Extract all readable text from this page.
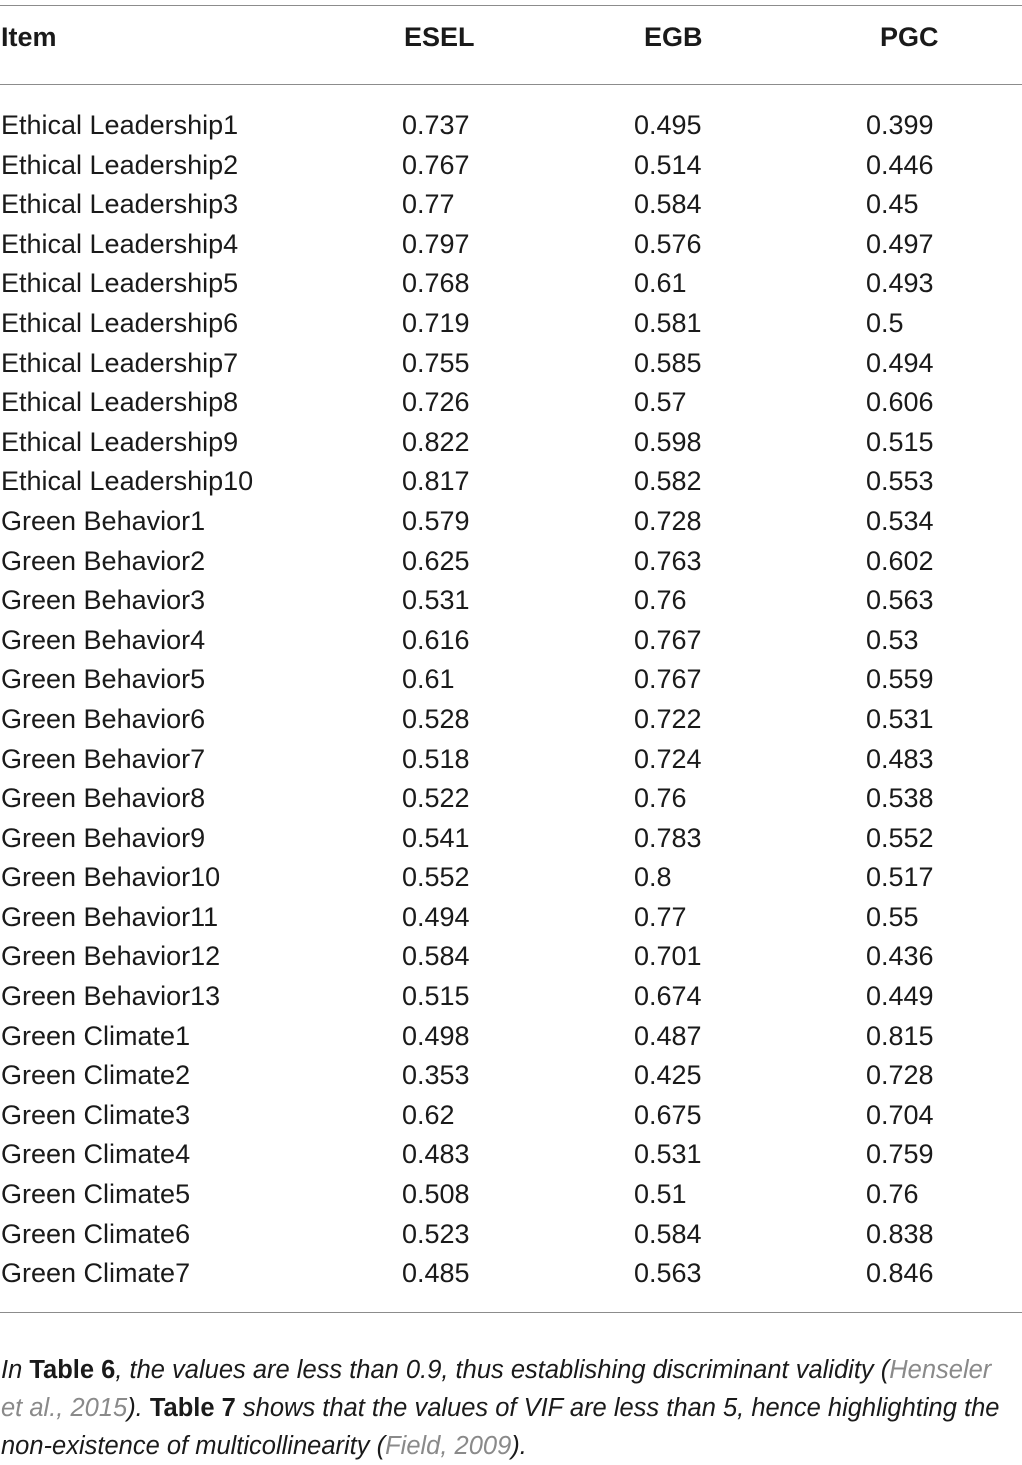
Item	ESEL	EGB	PGC
Ethical Leadership1	0.737	0.495	0.399
Ethical Leadership2	0.767	0.514	0.446
Ethical Leadership3	0.77	0.584	0.45
Ethical Leadership4	0.797	0.576	0.497
Ethical Leadership5	0.768	0.61	0.493
Ethical Leadership6	0.719	0.581	0.5
Ethical Leadership7	0.755	0.585	0.494
Ethical Leadership8	0.726	0.57	0.606
Ethical Leadership9	0.822	0.598	0.515
Ethical Leadership10	0.817	0.582	0.553
Green Behavior1	0.579	0.728	0.534
Green Behavior2	0.625	0.763	0.602
Green Behavior3	0.531	0.76	0.563
Green Behavior4	0.616	0.767	0.53
Green Behavior5	0.61	0.767	0.559
Green Behavior6	0.528	0.722	0.531
Green Behavior7	0.518	0.724	0.483
Green Behavior8	0.522	0.76	0.538
Green Behavior9	0.541	0.783	0.552
Green Behavior10	0.552	0.8	0.517
Green Behavior11	0.494	0.77	0.55
Green Behavior12	0.584	0.701	0.436
Green Behavior13	0.515	0.674	0.449
Green Climate1	0.498	0.487	0.815
Green Climate2	0.353	0.425	0.728
Green Climate3	0.62	0.675	0.704
Green Climate4	0.483	0.531	0.759
Green Climate5	0.508	0.51	0.76
Green Climate6	0.523	0.584	0.838
Green Climate7	0.485	0.563	0.846

In Table 6, the values are less than 0.9, thus establishing discriminant validity (Henseler et al., 2015). Table 7 shows that the values of VIF are less than 5, hence highlighting the non-existence of multicollinearity (Field, 2009).
